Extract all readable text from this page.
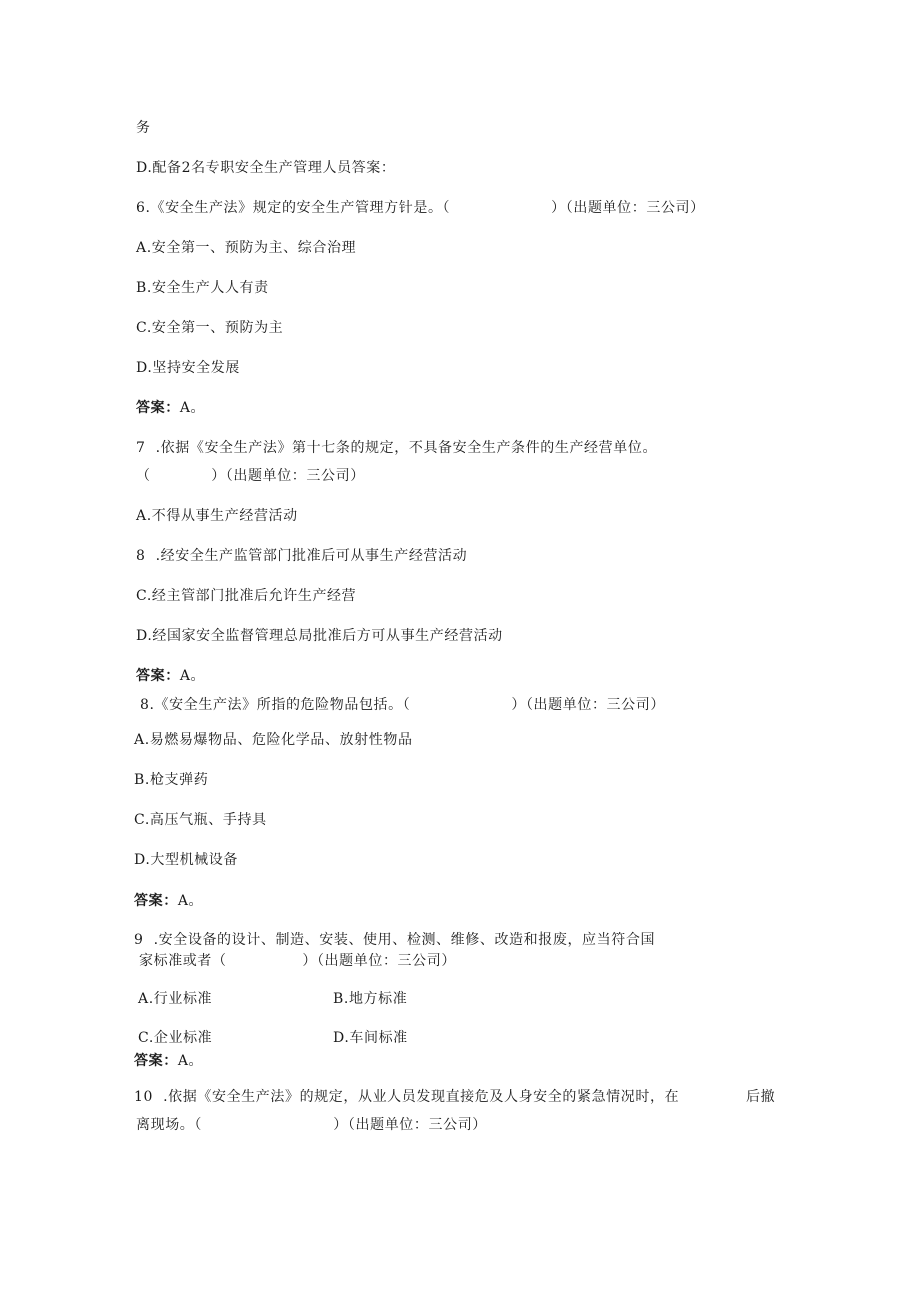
务
D.配备2名专职安全生产管理人员答案：
6.《安全生产法》规定的安全生产管理方针是。（                    ）（出题单位：三公司）
A.安全第一、预防为主、综合治理
B.安全生产人人有责
C.安全第一、预防为主
D.坚持安全发展
答案：A。
7  .依据《安全生产法》第十七条的规定，不具备安全生产条件的生产经营单位。
（            ）（出题单位：三公司）
A.不得从事生产经营活动
8  .经安全生产监管部门批准后可从事生产经营活动
C.经主管部门批准后允许生产经营
D.经国家安全监督管理总局批准后方可从事生产经营活动
答案：A。
8.《安全生产法》所指的危险物品包括。（                    ）（出题单位：三公司）
A.易燃易爆物品、危险化学品、放射性物品
B.枪支弹药
C.高压气瓶、手持具
D.大型机械设备
答案：A。
9  .安全设备的设计、制造、安装、使用、检测、维修、改造和报废，应当符合国
家标准或者（               ）（出题单位：三公司）
A.行业标准	B.地方标准
C.企业标准	D.车间标准
答案：A。
10  .依据《安全生产法》的规定，从业人员发现直接危及人身安全的紧急情况时，在	后撤
离现场。（                          ）（出题单位：三公司）
